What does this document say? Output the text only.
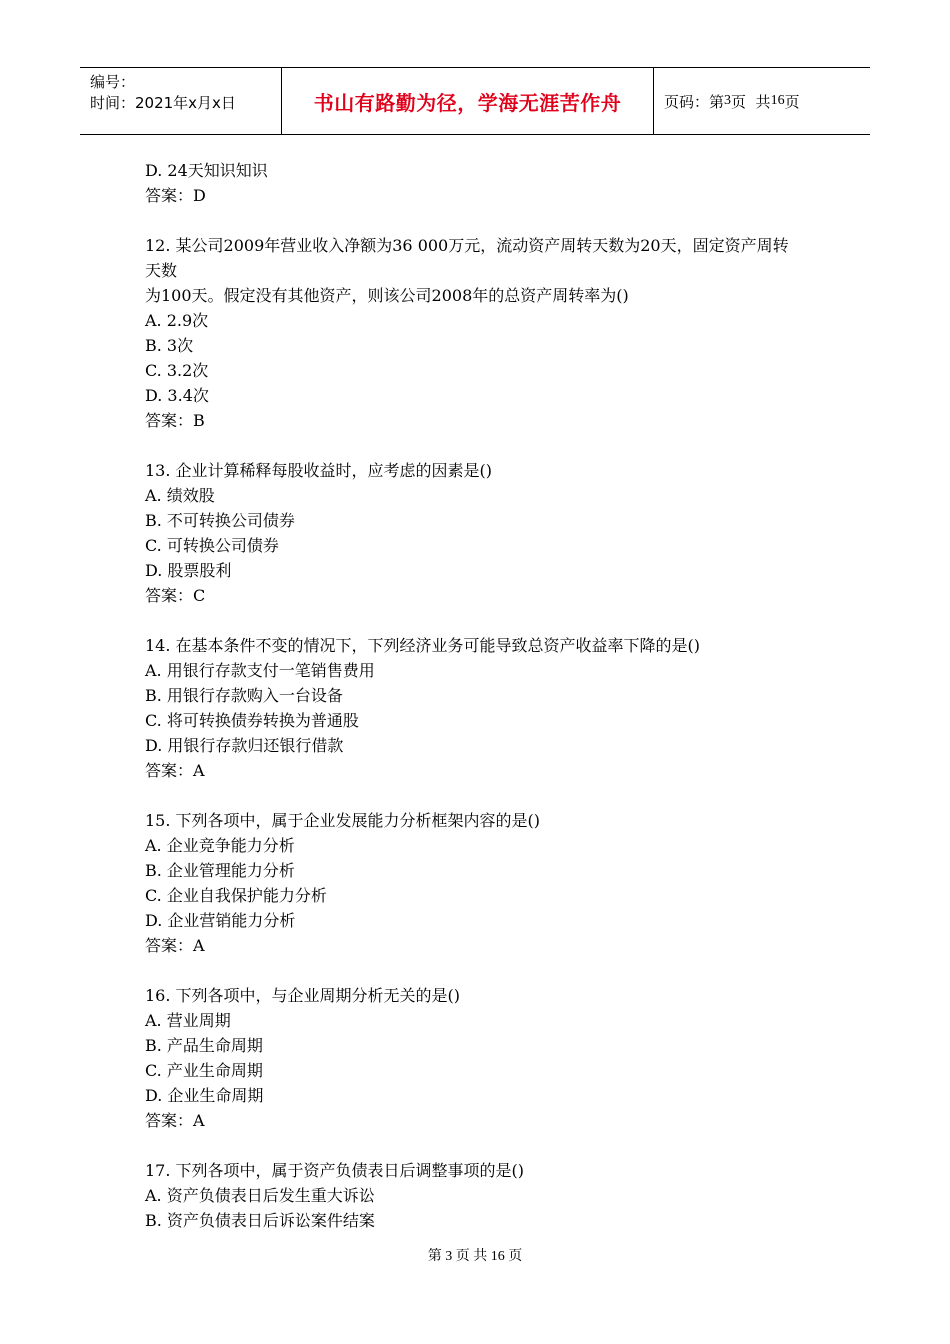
编号：
时间：2021年x月x日	书山有路勤为径，学海无涯苦作舟	页码：第 3 页  共 16 页
D. 24天知识知识
答案：D
12. 某公司2009年营业收入净额为36 000万元，流动资产周转天数为20天，固定资产周转
天数
为100天。假定没有其他资产，则该公司2008年的总资产周转率为()
A. 2.9次
B. 3次
C. 3.2次
D. 3.4次
答案：B
13. 企业计算稀释每股收益时，应考虑的因素是()
A. 绩效股
B. 不可转换公司债券
C. 可转换公司债券
D. 股票股利
答案：C
14. 在基本条件不变的情况下，下列经济业务可能导致总资产收益率下降的是()
A. 用银行存款支付一笔销售费用
B. 用银行存款购入一台设备
C. 将可转换债券转换为普通股
D. 用银行存款归还银行借款
答案：A
15. 下列各项中，属于企业发展能力分析框架内容的是()
A. 企业竞争能力分析
B. 企业管理能力分析
C. 企业自我保护能力分析
D. 企业营销能力分析
答案：A
16. 下列各项中，与企业周期分析无关的是()
A. 营业周期
B. 产品生命周期
C. 产业生命周期
D. 企业生命周期
答案：A
17. 下列各项中，属于资产负债表日后调整事项的是()
A. 资产负债表日后发生重大诉讼
B. 资产负债表日后诉讼案件结案
第 3 页 共 16 页
